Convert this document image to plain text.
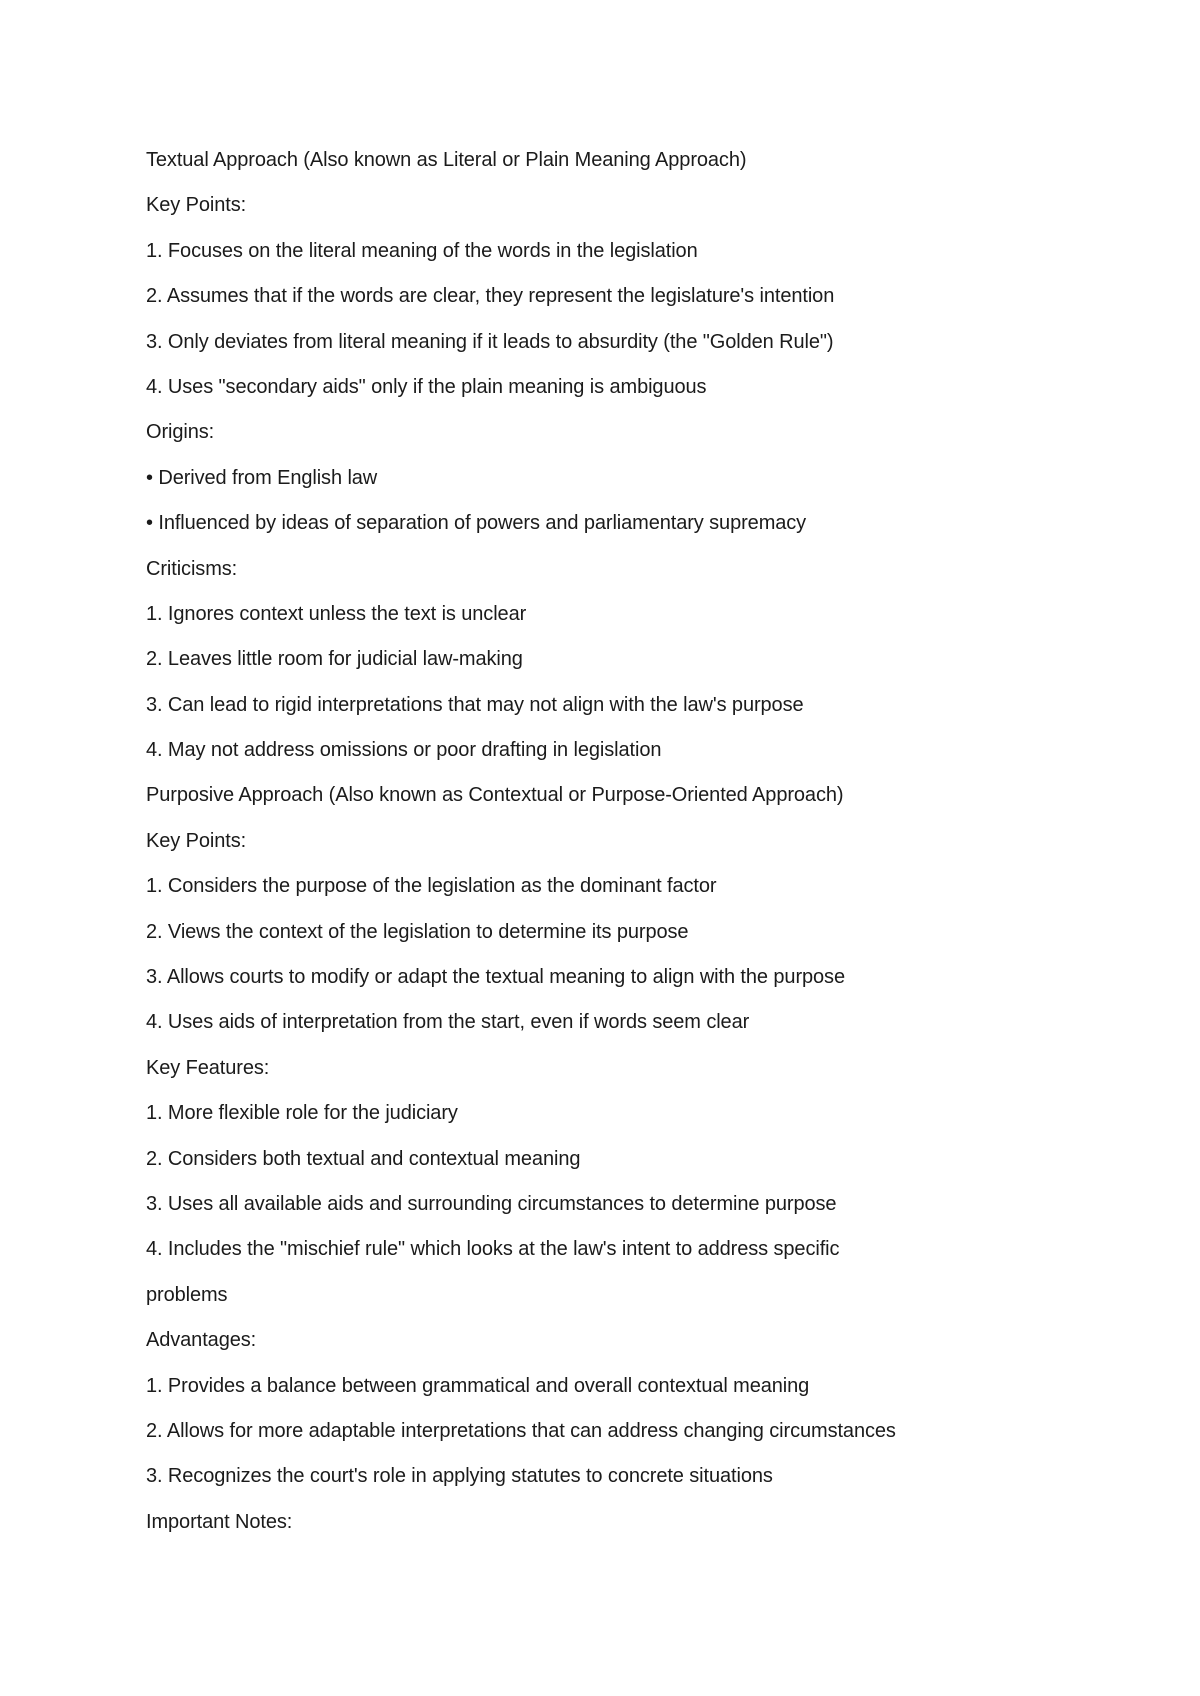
Textual Approach (Also known as Literal or Plain Meaning Approach)
Key Points:
1. Focuses on the literal meaning of the words in the legislation
2. Assumes that if the words are clear, they represent the legislature's intention
3. Only deviates from literal meaning if it leads to absurdity (the "Golden Rule")
4. Uses "secondary aids" only if the plain meaning is ambiguous
Origins:
• Derived from English law
• Influenced by ideas of separation of powers and parliamentary supremacy
Criticisms:
1. Ignores context unless the text is unclear
2. Leaves little room for judicial law-making
3. Can lead to rigid interpretations that may not align with the law's purpose
4. May not address omissions or poor drafting in legislation
Purposive Approach (Also known as Contextual or Purpose-Oriented Approach)
Key Points:
1. Considers the purpose of the legislation as the dominant factor
2. Views the context of the legislation to determine its purpose
3. Allows courts to modify or adapt the textual meaning to align with the purpose
4. Uses aids of interpretation from the start, even if words seem clear
Key Features:
1. More flexible role for the judiciary
2. Considers both textual and contextual meaning
3. Uses all available aids and surrounding circumstances to determine purpose
4. Includes the "mischief rule" which looks at the law's intent to address specific
problems
Advantages:
1. Provides a balance between grammatical and overall contextual meaning
2. Allows for more adaptable interpretations that can address changing circumstances
3. Recognizes the court's role in applying statutes to concrete situations
Important Notes:
